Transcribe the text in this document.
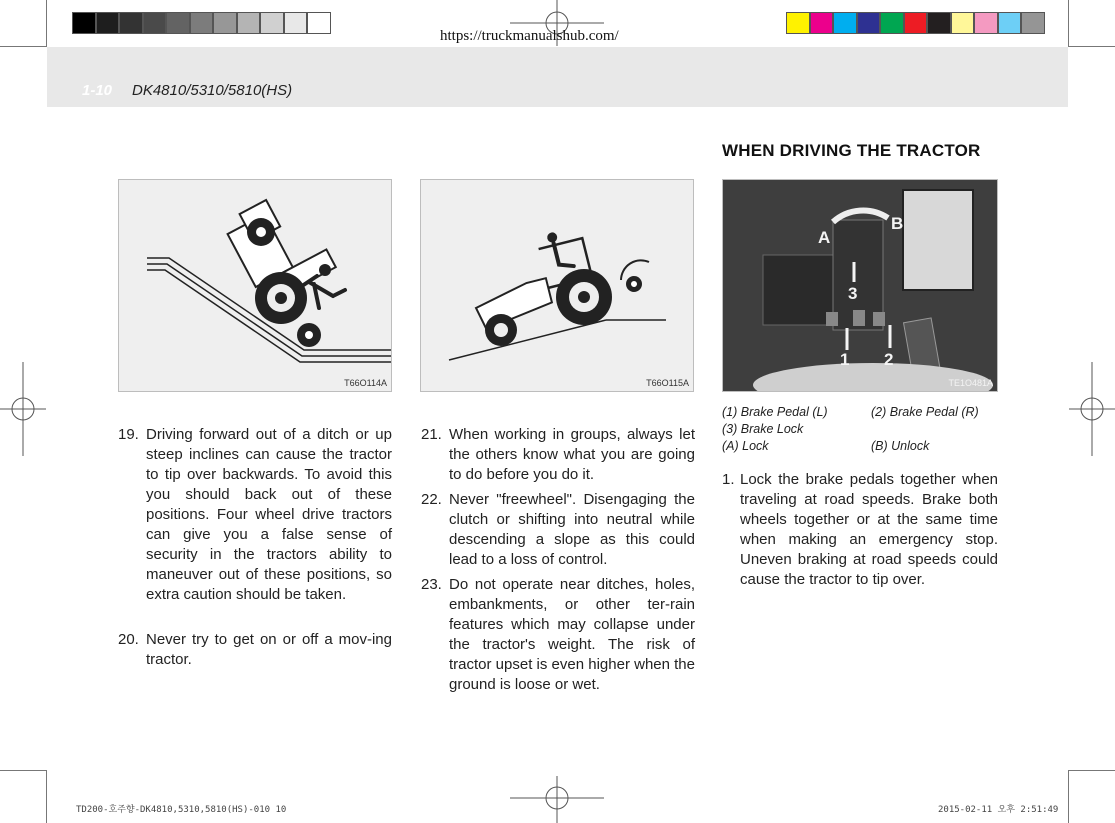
https://truckmanualshub.com/
1-10 DK4810/5310/5810(HS)
WHEN DRIVING THE TRACTOR
T66O114A	T66O115A
A
B
3
1 2
TE1O481A
(1) Brake Pedal (L)	(2) Brake Pedal (R)
(3) Brake Lock
(A) Lock	(B) Unlock
19. Driving forward out of a ditch or up steep inclines can cause the tractor to tip over backwards. To avoid this you should back out of these positions. Four wheel drive tractors can give you a false sense of security in the tractors ability to maneuver out of these positions, so extra caution should be taken.
20. Never try to get on or off a mov-ing tractor.
21. When working in groups, always let the others know what you are going to do before you do it.
22. Never "freewheel". Disengaging the clutch or shifting into neutral while descending a slope as this could lead to a loss of control.
23. Do not operate near ditches, holes, embankments, or other ter-rain features which may collapse under the tractor's weight. The risk of tractor upset is even higher when the ground is loose or wet.
1. Lock the brake pedals together when traveling at road speeds. Brake both wheels together or at the same time when making an emergency stop. Uneven braking at road speeds could cause the tractor to tip over.
TD200-호주향-DK4810,5310,5810(HS)-010 10	2015-02-11 오후 2:51:49
